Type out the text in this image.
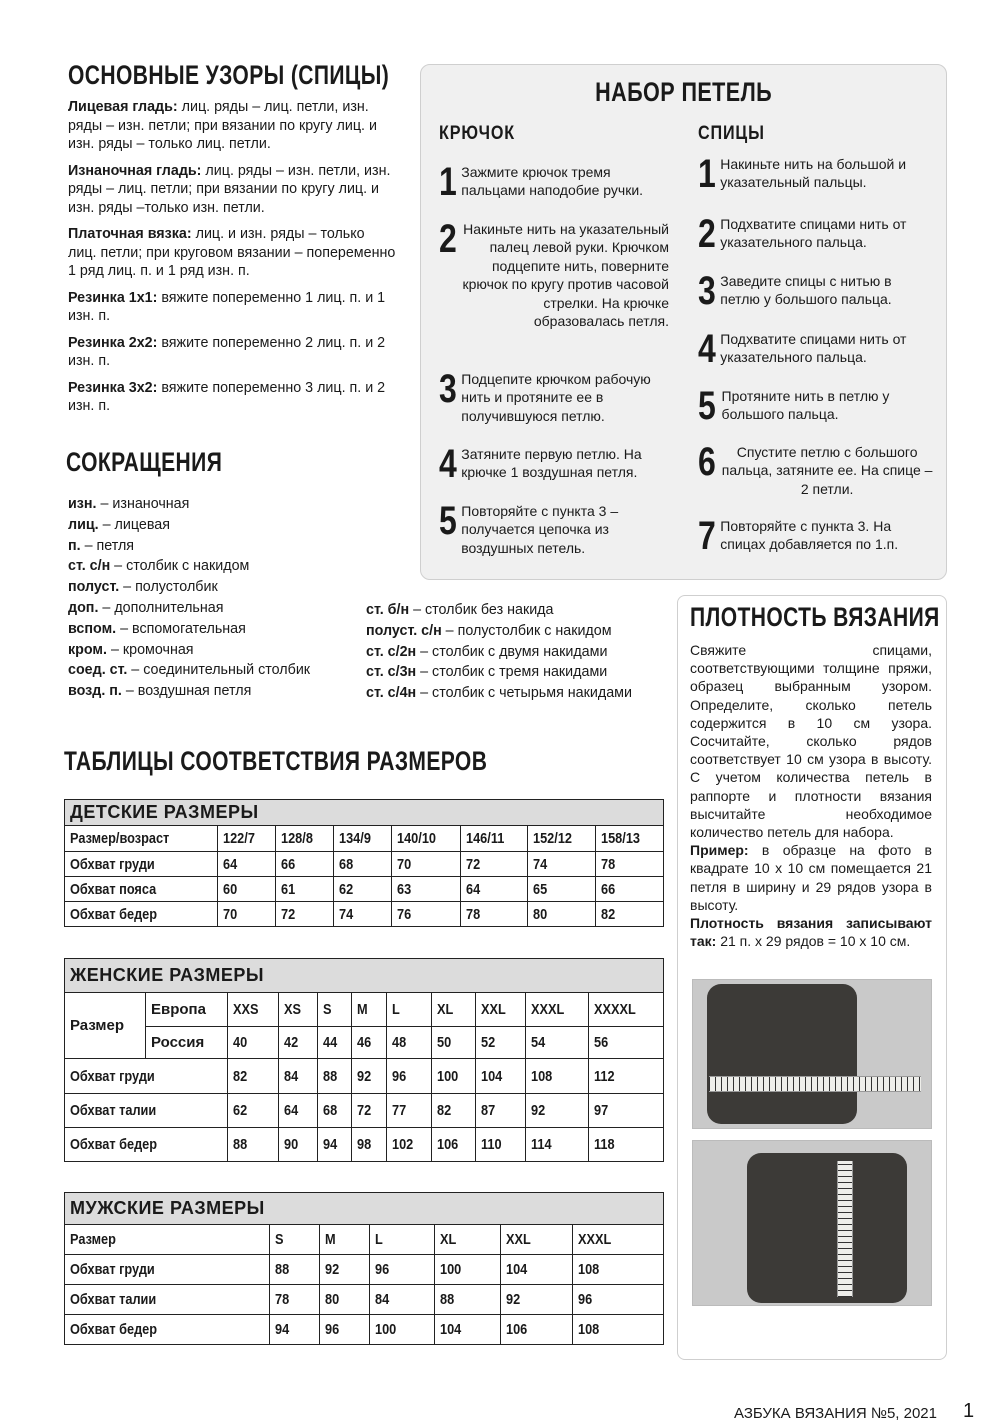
ОСНОВНЫЕ УЗОРЫ (СПИЦЫ)

Лицевая гладь: лиц. ряды – лиц. петли, изн. ряды – изн. петли; при вязании по кругу лиц. и изн. ряды – только лиц. петли.

Изнаночная гладь: лиц. ряды – изн. петли, изн. ряды – лиц. петли; при вязании по кругу лиц. и изн. ряды –только изн. петли.

Платочная вязка: лиц. и изн. ряды – только лиц. петли; при круговом вязании – попеременно 1 ряд лиц. п. и 1 ряд изн. п.

Резинка 1х1: вяжите попеременно 1 лиц. п. и 1 изн. п.

Резинка 2х2: вяжите попеременно 2 лиц. п. и 2 изн. п.

Резинка 3х2: вяжите попеременно 3 лиц. п. и 2 изн. п.

СОКРАЩЕНИЯ
изн. – изнаночная
лиц. – лицевая
п. – петля
ст. с/н – столбик с накидом
полуст. – полустолбик
доп. – дополнительная
вспом. – вспомогательная
кром. – кромочная
соед. ст. – соединительный столбик
возд. п. – воздушная петля
ст. б/н – столбик без накида
полуст. с/н – полустолбик с накидом
ст. с/2н – столбик с двумя накидами
ст. с/3н – столбик с тремя накидами
ст. с/4н – столбик с четырьмя накидами
НАБОР ПЕТЕЛЬ
КРЮЧОК	СПИЦЫ
1 Зажмите крючок тремя пальцами наподобие ручки.
2 Накиньте нить на указательный палец левой руки. Крючком подцепите нить, поверните крючок по кругу против часовой стрелки. На крючке образовалась петля.
3 Подцепите крючком рабочую нить и протяните ее в получившуюся петлю.
4 Затяните первую петлю. На крючке 1 воздушная петля.
5 Повторяйте с пункта 3 – получается цепочка из воздушных петель.
1 Накиньте нить на большой и указательный пальцы.
2 Подхватите спицами нить от указательного пальца.
3 Заведите спицы с нитью в петлю у большого пальца.
4 Подхватите спицами нить от указательного пальца.
5 Протяните нить в петлю у большого пальца.
6	Спустите петлю с большого пальца, затяните ее. На спице – 2 петли.
7 Повторяйте с пункта 3. На спицах добавляется по 1.п.
ПЛОТНОСТЬ ВЯЗАНИЯ
Свяжите спицами, соответствующими толщине пряжи, образец выбранным узором. Определите, сколько петель содержится в 10 см узора. Сосчитайте, сколько рядов соответствует 10 см узора в высоту. С учетом количества петель в раппорте и плотности вязания высчитайте необходимое количество петель для набора.
Пример: в образце на фото в квадрате 10 х 10 см помещается 21 петля в ширину и 29 рядов узора в высоту.
Плотность вязания записывают так: 21 п. х 29 рядов = 10 х 10 см.
ТАБЛИЦЫ СООТВЕТСТВИЯ РАЗМЕРОВ
ДЕТСКИЕ РАЗМЕРЫ							
Размер/возраст	122/7	128/8	134/9	140/10	146/11	152/12	158/13
Обхват груди	64	66	68	70	72	74	78
Обхват пояса	60	61	62	63	64	65	66
Обхват бедер	70	72	74	76	78	80	82
ЖЕНСКИЕ РАЗМЕРЫ										
Размер	Европа	XXS	XS	S	M	L	XL	XXL	XXXL	XXXXL
	Россия	40	42	44	46	48	50	52	54	56
Обхват груди		82	84	88	92	96	100	104	108	112
Обхват талии		62	64	68	72	77	82	87	92	97
Обхват бедер		88	90	94	98	102	106	110	114	118
МУЖСКИЕ РАЗМЕРЫ						
Размер	S	M	L	XL	XXL	XXXL
Обхват груди	88	92	96	100	104	108
Обхват талии	78	80	84	88	92	96
Обхват бедер	94	96	100	104	106	108
АЗБУКА ВЯЗАНИЯ №5, 2021 1
